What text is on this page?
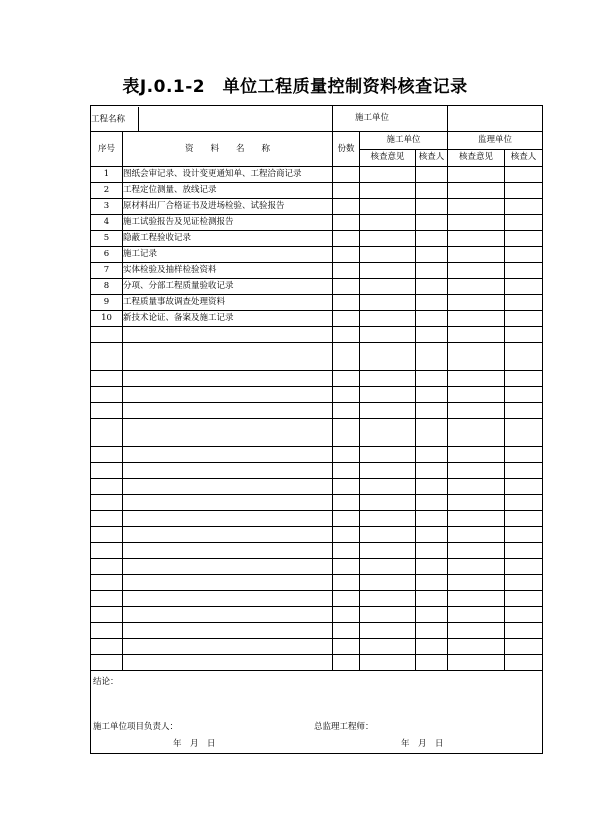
表J.0.1-2　单位工程质量控制资料核查记录
工程名称		施工单位				
序号	资　　料　　名　　称	份数	施工单位		监理单位	
			核查意见	核查人	核查意见	核查人
1	图纸会审记录、设计变更通知单、工程洽商记录					
2	工程定位测量、放线记录					
3	原材料出厂合格证书及进场检验、试验报告					
4	施工试验报告及见证检测报告					
5	隐蔽工程验收记录					
6	施工记录					
7	实体检验及抽样检验资料					
8	分项、分部工程质量验收记录					
9	工程质量事故调查处理资料					
10	新技术论证、备案及施工记录					

结论：
施工单位项目负责人： 总监理工程师：
年　月　日 年　月　日						
